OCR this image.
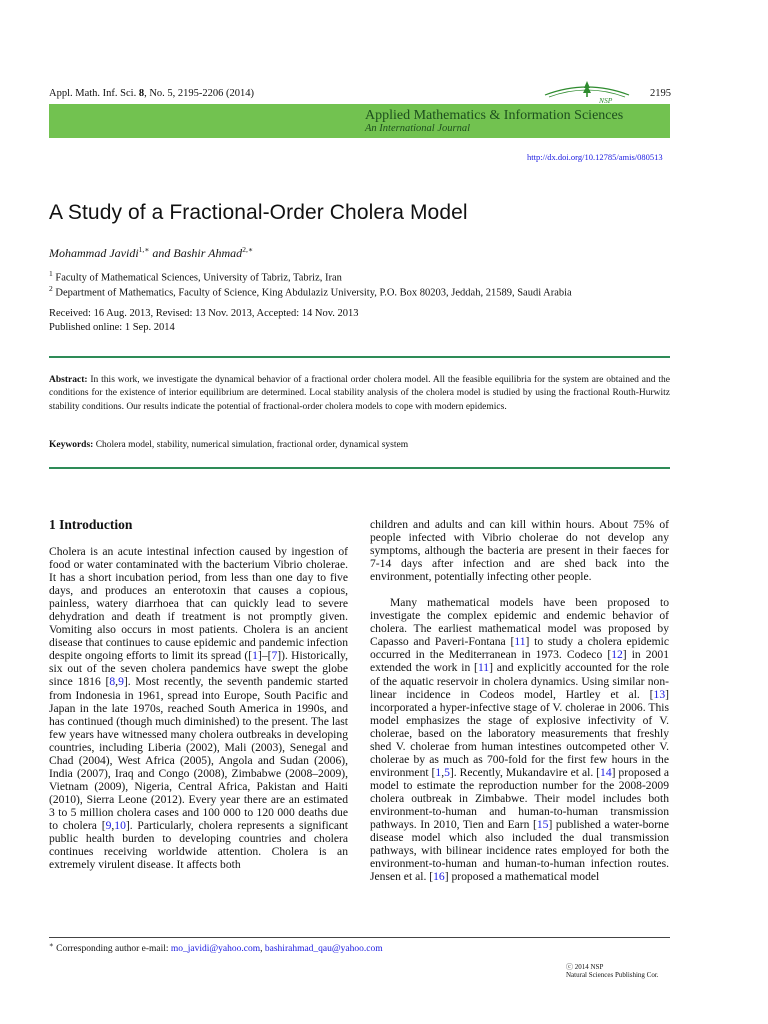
Appl. Math. Inf. Sci. 8, No. 5, 2195-2206 (2014)
NSP
2195
Applied Mathematics & Information Sciences
An International Journal
http://dx.doi.org/10.12785/amis/080513
A Study of a Fractional-Order Cholera Model
Mohammad Javidi$^{1,∗}$ and Bashir Ahmad$^{2,∗}$
$^1$ Faculty of Mathematical Sciences, University of Tabriz, Tabriz, Iran
$^2$ Department of Mathematics, Faculty of Science, King Abdulaziz University, P.O. Box 80203, Jeddah, 21589, Saudi Arabia
Received: 16 Aug. 2013, Revised: 13 Nov. 2013, Accepted: 14 Nov. 2013
Published online: 1 Sep. 2014

Abstract: In this work, we investigate the dynamical behavior of a fractional order cholera model. All the feasible equilibria for the system are obtained and the conditions for the existence of interior equilibrium are determined. Local stability analysis of the cholera model is studied by using the fractional Routh-Hurwitz stability conditions. Our results indicate the potential of fractional-order cholera models to cope with modern epidemics.

Keywords: Cholera model, stability, numerical simulation, fractional order, dynamical system
1 Introduction

Cholera is an acute intestinal infection caused by ingestion of food or water contaminated with the bacterium Vibrio cholerae. It has a short incubation period, from less than one day to five days, and produces an enterotoxin that causes a copious, painless, watery diarrhoea that can quickly lead to severe dehydration and death if treatment is not promptly given. Vomiting also occurs in most patients. Cholera is an ancient disease that continues to cause epidemic and pandemic infection despite ongoing efforts to limit its spread ([1]–[7]). Historically, six out of the seven cholera pandemics have swept the globe since 1816 [8,9]. Most recently, the seventh pandemic started from Indonesia in 1961, spread into Europe, South Pacific and Japan in the late 1970s, reached South America in 1990s, and has continued (though much diminished) to the present. The last few years have witnessed many cholera outbreaks in developing countries, including Liberia (2002), Mali (2003), Senegal and Chad (2004), West Africa (2005), Angola and Sudan (2006), India (2007), Iraq and Congo (2008), Zimbabwe (2008–2009), Vietnam (2009), Nigeria, Central Africa, Pakistan and Haiti (2010), Sierra Leone (2012). Every year there are an estimated 3 to 5 million cholera cases and 100 000 to 120 000 deaths due to cholera [9,10]. Particularly, cholera represents a significant public health burden to developing countries and cholera continues receiving worldwide attention. Cholera is an extremely virulent disease. It affects both

children and adults and can kill within hours. About 75% of people infected with Vibrio cholerae do not develop any symptoms, although the bacteria are present in their faeces for 7-14 days after infection and are shed back into the environment, potentially infecting other people.

Many mathematical models have been proposed to investigate the complex epidemic and endemic behavior of cholera. The earliest mathematical model was proposed by Capasso and Paveri-Fontana [11] to study a cholera epidemic occurred in the Mediterranean in 1973. Codeco [12] in 2001 extended the work in [11] and explicitly accounted for the role of the aquatic reservoir in cholera dynamics. Using similar non-linear incidence in Codeos model, Hartley et al. [13] incorporated a hyper-infective stage of V. cholerae in 2006. This model emphasizes the stage of explosive infectivity of V. cholerae, based on the laboratory measurements that freshly shed V. cholerae from human intestines outcompeted other V. cholerae by as much as 700-fold for the first few hours in the environment [1,5]. Recently, Mukandavire et al. [14] proposed a model to estimate the reproduction number for the 2008-2009 cholera outbreak in Zimbabwe. Their model includes both environment-to-human and human-to-human transmission pathways. In 2010, Tien and Earn [15] published a water-borne disease model which also included the dual transmission pathways, with bilinear incidence rates employed for both the environment-to-human and human-to-human infection routes. Jensen et al. [16] proposed a mathematical model

∗ Corresponding author e-mail: mo_javidi@yahoo.com, bashirahmad_qau@yahoo.com
ⓒ 2014 NSP
Natural Sciences Publishing Cor.
